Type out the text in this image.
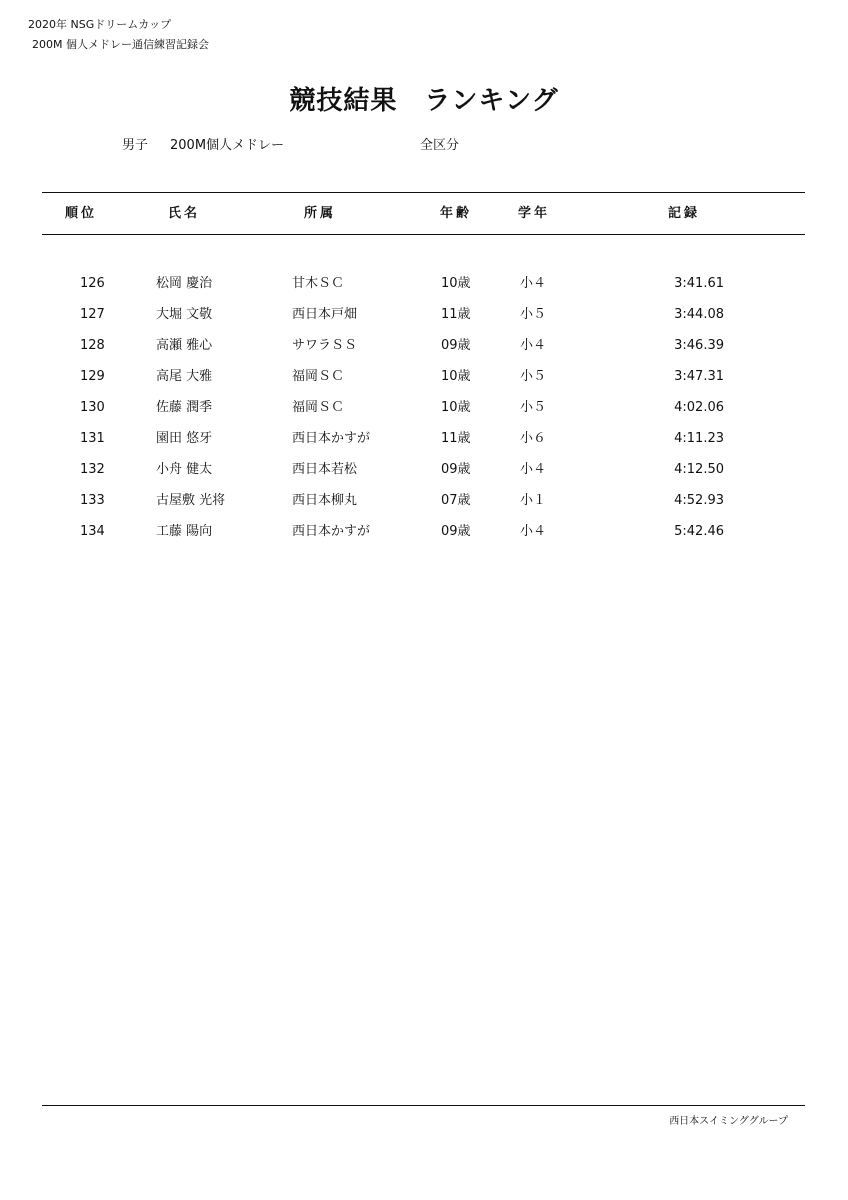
2020年 NSGドリームカップ
200M 個人メドレー通信練習記録会
競技結果　ランキング
男子 200M個人メドレー	全区分
順位	氏名	所属	年齢	学年	記録
126	松岡 慶治	甘木ＳＣ	10歳	小４	3:41.61
127	大堀 文敬	西日本戸畑	11歳	小５	3:44.08
128	高瀬 雅心	サワラＳＳ	09歳	小４	3:46.39
129	高尾 大雅	福岡ＳＣ	10歳	小５	3:47.31
130	佐藤 潤季	福岡ＳＣ	10歳	小５	4:02.06
131	園田 悠牙	西日本かすが	11歳	小６	4:11.23
132	小舟 健太	西日本若松	09歳	小４	4:12.50
133	古屋敷 光将	西日本柳丸	07歳	小１	4:52.93
134	工藤 陽向	西日本かすが	09歳	小４	5:42.46
西日本スイミンググループ
